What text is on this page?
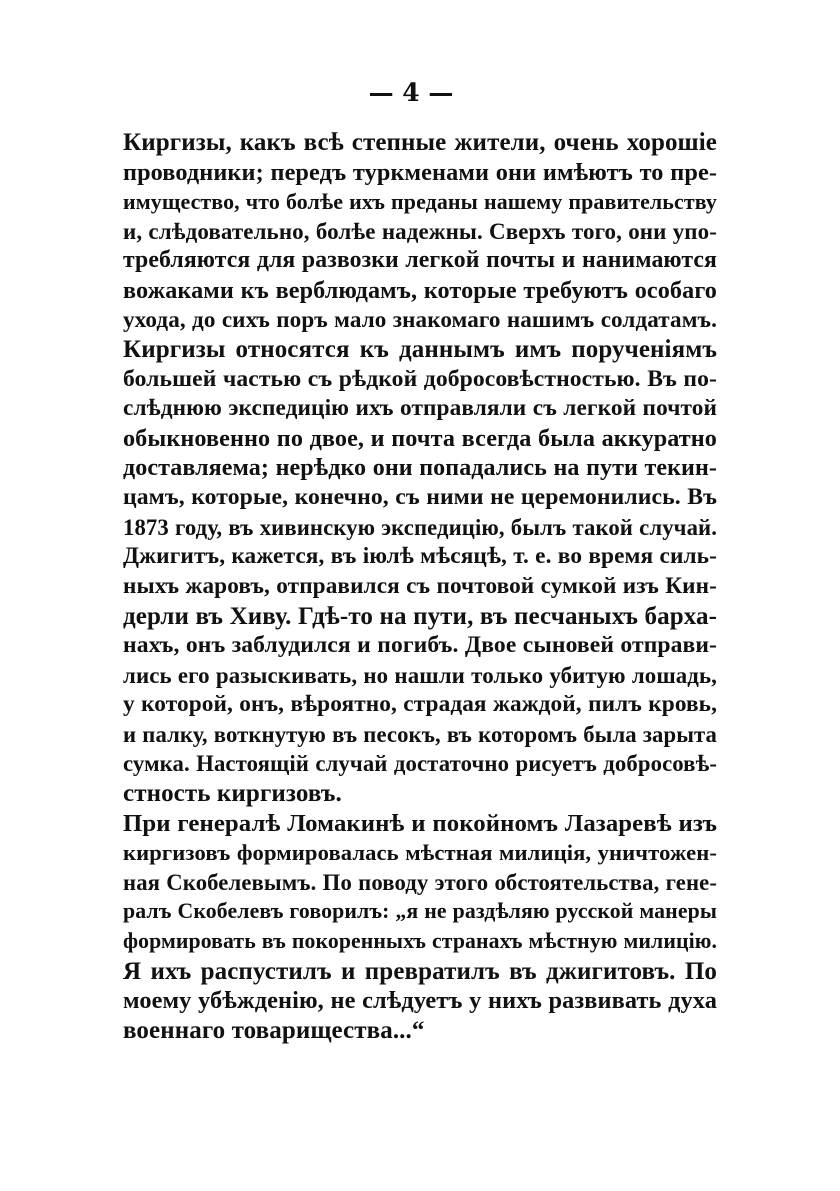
— 4 —
Киргизы, какъ всѣ степные жители, очень хорошіе
проводники; передъ туркменами они имѣютъ то пре-
имущество, что болѣе ихъ преданы нашему правительству
и, слѣдовательно, болѣе надежны. Сверхъ того, они упо-
требляются для развозки легкой почты и нанимаются
вожаками къ верблюдамъ, которые требуютъ особаго
ухода, до сихъ поръ мало знакомаго нашимъ солдатамъ.
Киргизы относятся къ даннымъ имъ порученіямъ
большей частью съ рѣдкой добросовѣстностью. Въ по-
слѣднюю экспедицію ихъ отправляли съ легкой почтой
обыкновенно по двое, и почта всегда была аккуратно
доставляема; нерѣдко они попадались на пути текин-
цамъ, которые, конечно, съ ними не церемонились. Въ
1873 году, въ хивинскую экспедицію, былъ такой случай.
Джигитъ, кажется, въ іюлѣ мѣсяцѣ, т. е. во время силь-
ныхъ жаровъ, отправился съ почтовой сумкой изъ Кин-
дерли въ Хиву. Гдѣ-то на пути, въ песчаныхъ барха-
нахъ, онъ заблудился и погибъ. Двое сыновей отправи-
лись его разыскивать, но нашли только убитую лошадь,
у которой, онъ, вѣроятно, страдая жаждой, пилъ кровь,
и палку, воткнутую въ песокъ, въ которомъ была зарыта
сумка. Настоящій случай достаточно рисуетъ добросовѣ-
стность киргизовъ.
При генералѣ Ломакинѣ и покойномъ Лазаревѣ изъ
киргизовъ формировалась мѣстная милиція, уничтожен-
ная Скобелевымъ. По поводу этого обстоятельства, гене-
ралъ Скобелевъ говорилъ: „я не раздѣляю русской манеры
формировать въ покоренныхъ странахъ мѣстную милицію.
Я ихъ распустилъ и превратилъ въ джигитовъ. По
моему убѣжденію, не слѣдуетъ у нихъ развивать духа
военнаго товарищества...“
